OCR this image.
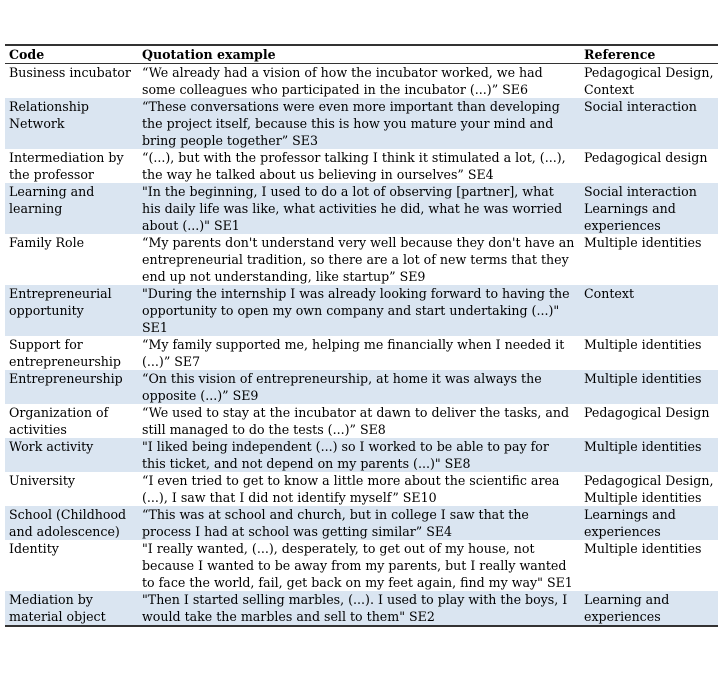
Code	Quotation example	Reference
Business incubator	“We already had a vision of how the incubator worked, we had some colleagues who participated in the incubator (...)” SE6	Pedagogical Design, Context
Relationship Network	“These conversations were even more important than developing the project itself, because this is how you mature your mind and bring people together” SE3	Social interaction
Intermediation by the professor	“(...), but with the professor talking I think it stimulated a lot, (...), the way he talked about us believing in ourselves” SE4	Pedagogical design
Learning and learning	"In the beginning, I used to do a lot of observing [partner], what his daily life was like, what activities he did, what he was worried about (...)" SE1	Social interaction Learnings and experiences
Family Role	“My parents don't understand very well because they don't have an entrepreneurial tradition, so there are a lot of new terms that they end up not understanding, like startup” SE9	Multiple identities
Entrepreneurial opportunity	"During the internship I was already looking forward to having the opportunity to open my own company and start undertaking (...)" SE1	Context
Support for entrepreneurship	“My family supported me, helping me financially when I needed it (...)” SE7	Multiple identities
Entrepreneurship	“On this vision of entrepreneurship, at home it was always the opposite (...)” SE9	Multiple identities
Organization of activities	“We used to stay at the incubator at dawn to deliver the tasks, and still managed to do the tests (...)” SE8	Pedagogical Design
Work activity	"I liked being independent (...) so I worked to be able to pay for this ticket, and not depend on my parents (...)" SE8	Multiple identities
University	“I even tried to get to know a little more about the scientific area (...), I saw that I did not identify myself” SE10	Pedagogical Design, Multiple identities
School (Childhood and adolescence)	“This was at school and church, but in college I saw that the process I had at school was getting similar” SE4	Learnings and experiences
Identity	"I really wanted, (...), desperately, to get out of my house, not because I wanted to be away from my parents, but I really wanted to face the world, fail, get back on my feet again, find my way" SE1	Multiple identities
Mediation by material object	"Then I started selling marbles, (...). I used to play with the boys, I would take the marbles and sell to them" SE2	Learning and experiences
